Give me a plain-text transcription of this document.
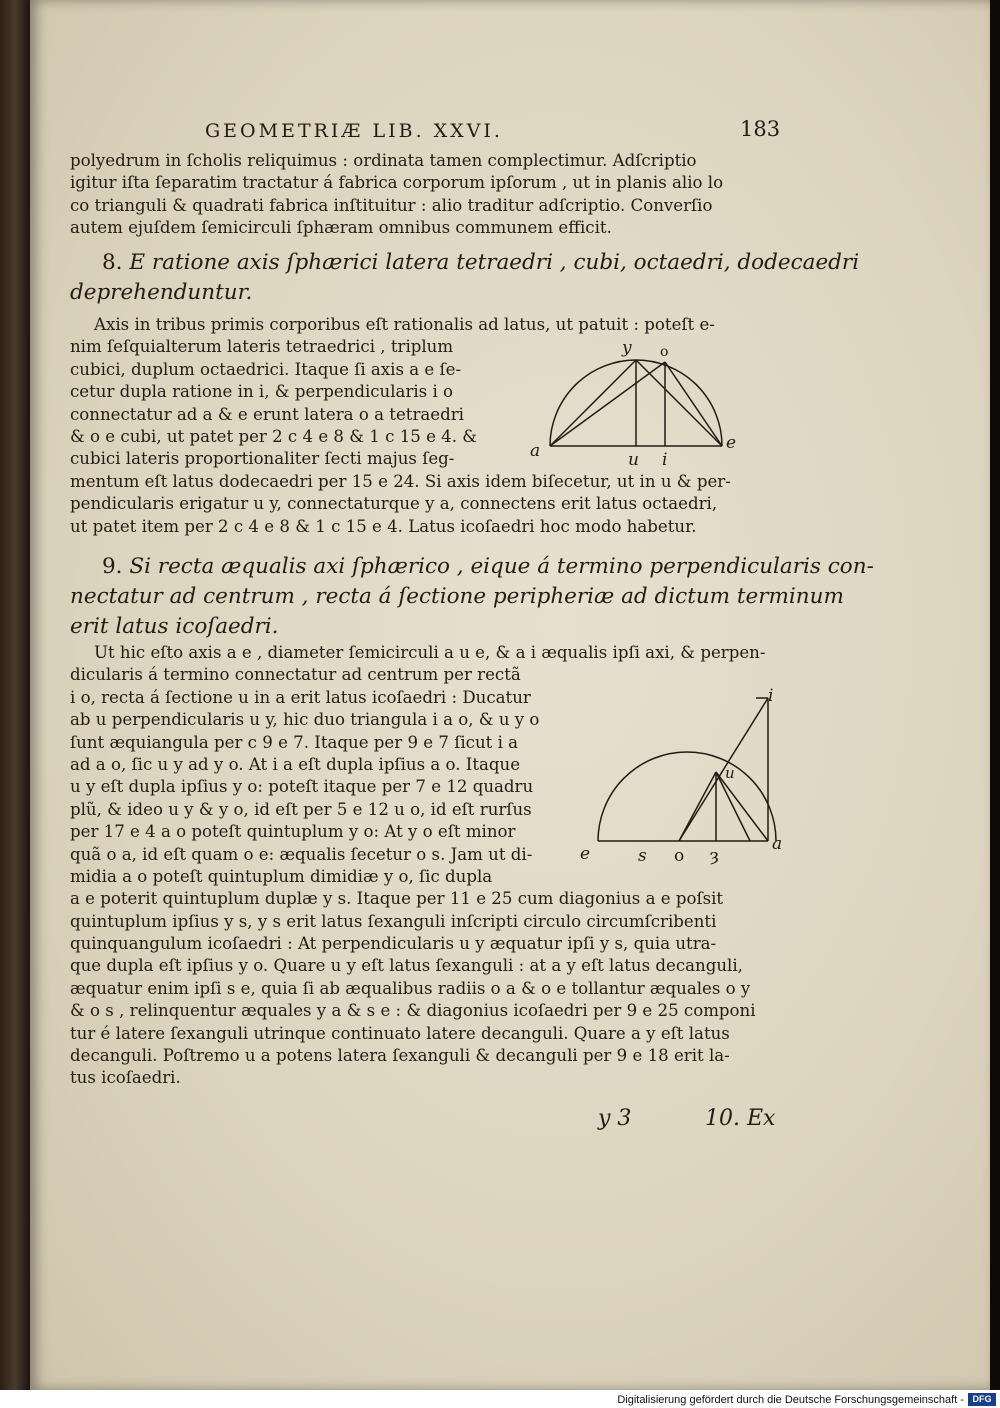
GEOMETRIÆ LIB. XXVI.	183
polyedrum in ſcholis reliquimus : ordinata tamen complectimur. Adſcriptio
igitur iſta ſeparatim tractatur á fabrica corporum ipſorum , ut in planis alio lo
co trianguli & quadrati fabrica inſtituitur : alio traditur adſcriptio. Converſio
autem ejuſdem ſemicirculi ſphæram omnibus communem efficit.
8. E ratione axis ſphærici latera tetraedri , cubi, octaedri, dodecaedri
deprehenduntur.
Axis in tribus primis corporibus eſt rationalis ad latus, ut patuit : poteſt e-
nim ſeſquialterum lateris tetraedrici , triplum
cubici, duplum octaedrici. Itaque ſi axis a e ſe-
cetur dupla ratione in i, & perpendicularis i o
connectatur ad a & e erunt latera o a tetraedri
& o e cubi, ut patet per 2 c 4 e 8 & 1 c 15 e 4. &
cubici lateris proportionaliter ſecti majus ſeg-
mentum eſt latus dodecaedri per 15 e 24. Si axis idem biſecetur, ut in u & per-
pendicularis erigatur u y, connectaturque y a, connectens erit latus octaedri,
ut patet item per 2 c 4 e 8 & 1 c 15 e 4. Latus icoſaedri hoc modo habetur.
y o
a	e
u i
9. Si recta æqualis axi ſphærico , eique á termino perpendicularis con-
nectatur ad centrum , recta á ſectione peripheriæ ad dictum terminum
erit latus icoſaedri.
Ut hic eſto axis a e , diameter ſemicirculi a u e, & a i æqualis ipſi axi, & perpen-
dicularis á termino connectatur ad centrum per rectã
i o, recta á ſectione u in a erit latus icoſaedri : Ducatur
ab u perpendicularis u y, hic duo triangula i a o, & u y o
ſunt æquiangula per c 9 e 7. Itaque per 9 e 7 ſicut i a
ad a o, ſic u y ad y o. At i a eſt dupla ipſius a o. Itaque
u y eſt dupla ipſius y o: poteſt itaque per 7 e 12 quadru
plũ, & ideo u y & y o, id eſt per 5 e 12 u o, id eſt rurſus
per 17 e 4 a o poteſt quintuplum y o: At y o eſt minor
quã o a, id eſt quam o e: æqualis ſecetur o s. Jam ut di-
midia a o poteſt quintuplum dimidiæ y o, ſic dupla
a e poterit quintuplum duplæ y s. Itaque per 11 e 25 cum diagonius a e poſsit
quintuplum ipſius y s, y s erit latus ſexanguli inſcripti circulo circumſcribenti
quinquangulum icoſaedri : At perpendicularis u y æquatur ipſi y s, quia utra-
que dupla eſt ipſius y o. Quare u y eſt latus ſexanguli : at a y eſt latus decanguli,
æquatur enim ipſi s e, quia ſi ab æqualibus radiis o a & o e tollantur æquales o y
& o s , relinquentur æquales y a & s e : & diagonius icoſaedri per 9 e 25 componi
tur é latere ſexanguli utrinque continuato latere decanguli. Quare a y eſt latus
decanguli. Poſtremo u a potens latera ſexanguli & decanguli per 9 e 18 erit la-
tus icoſaedri.
i
u
e	s o ȝ
a
y 3	10. Ex
Digitalisierung gefördert durch die Deutsche Forschungsgemeinschaft - DFG
